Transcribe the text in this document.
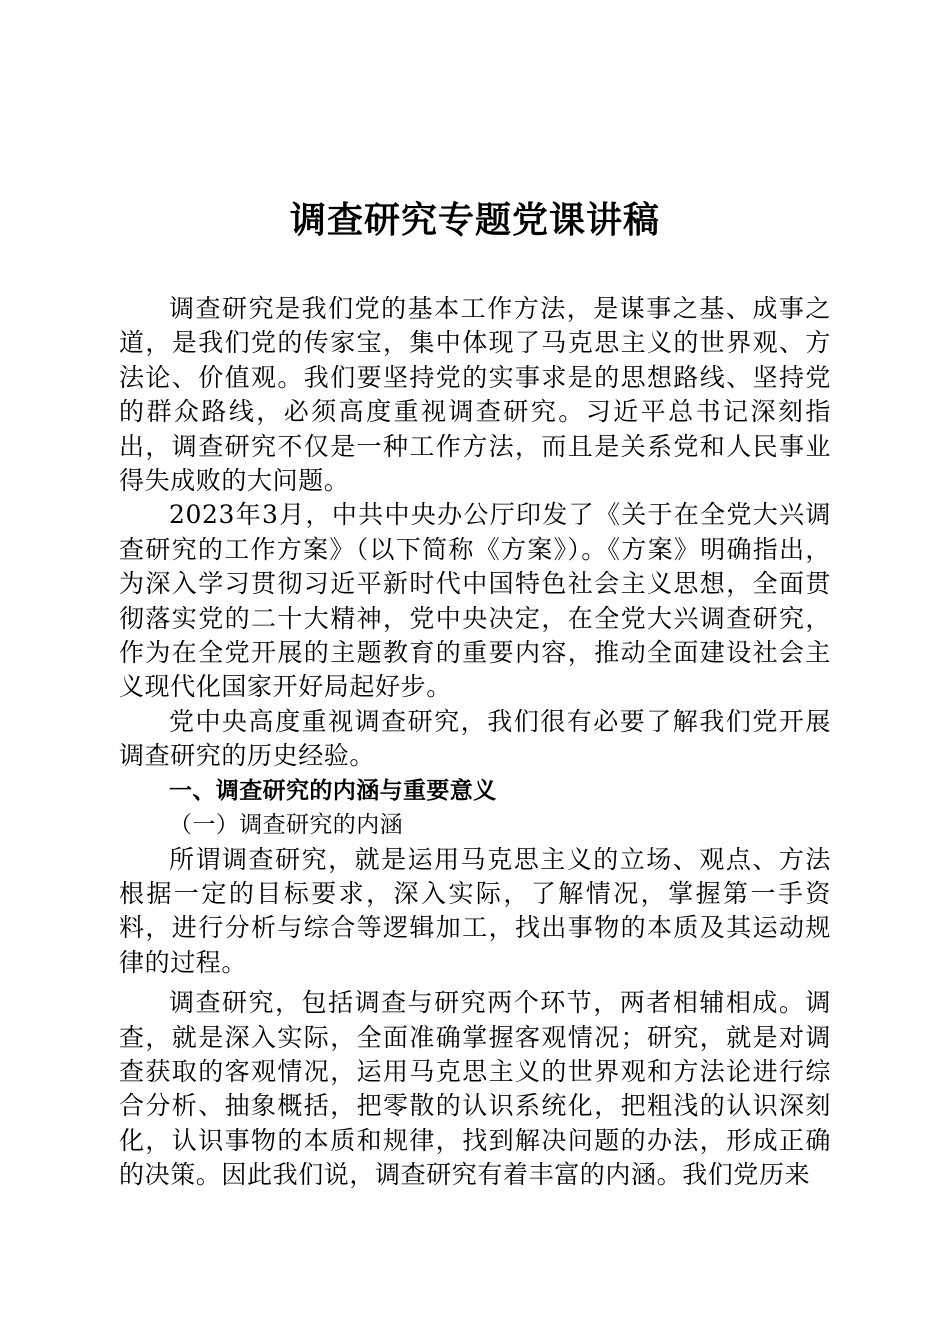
调查研究专题党课讲稿

调查研究是我们党的基本工作方法，是谋事之基、成事之道，是我们党的传家宝，集中体现了马克思主义的世界观、方法论、价值观。我们要坚持党的实事求是的思想路线、坚持党的群众路线，必须高度重视调查研究。习近平总书记深刻指出，调查研究不仅是一种工作方法，而且是关系党和人民事业得失成败的大问题。

2023年3月，中共中央办公厅印发了《关于在全党大兴调查研究的工作方案》（以下简称《方案》）。《方案》明确指出，为深入学习贯彻习近平新时代中国特色社会主义思想，全面贯彻落实党的二十大精神，党中央决定，在全党大兴调查研究，作为在全党开展的主题教育的重要内容，推动全面建设社会主义现代化国家开好局起好步。

党中央高度重视调查研究，我们很有必要了解我们党开展调查研究的历史经验。

一、调查研究的内涵与重要意义
（一）调查研究的内涵

所谓调查研究，就是运用马克思主义的立场、观点、方法根据一定的目标要求，深入实际，了解情况，掌握第一手资料，进行分析与综合等逻辑加工，找出事物的本质及其运动规律的过程。

调查研究，包括调查与研究两个环节，两者相辅相成。调查，就是深入实际，全面准确掌握客观情况；研究，就是对调查获取的客观情况，运用马克思主义的世界观和方法论进行综合分析、抽象概括，把零散的认识系统化，把粗浅的认识深刻化，认识事物的本质和规律，找到解决问题的办法，形成正确的决策。因此我们说，调查研究有着丰富的内涵。我们党历来
